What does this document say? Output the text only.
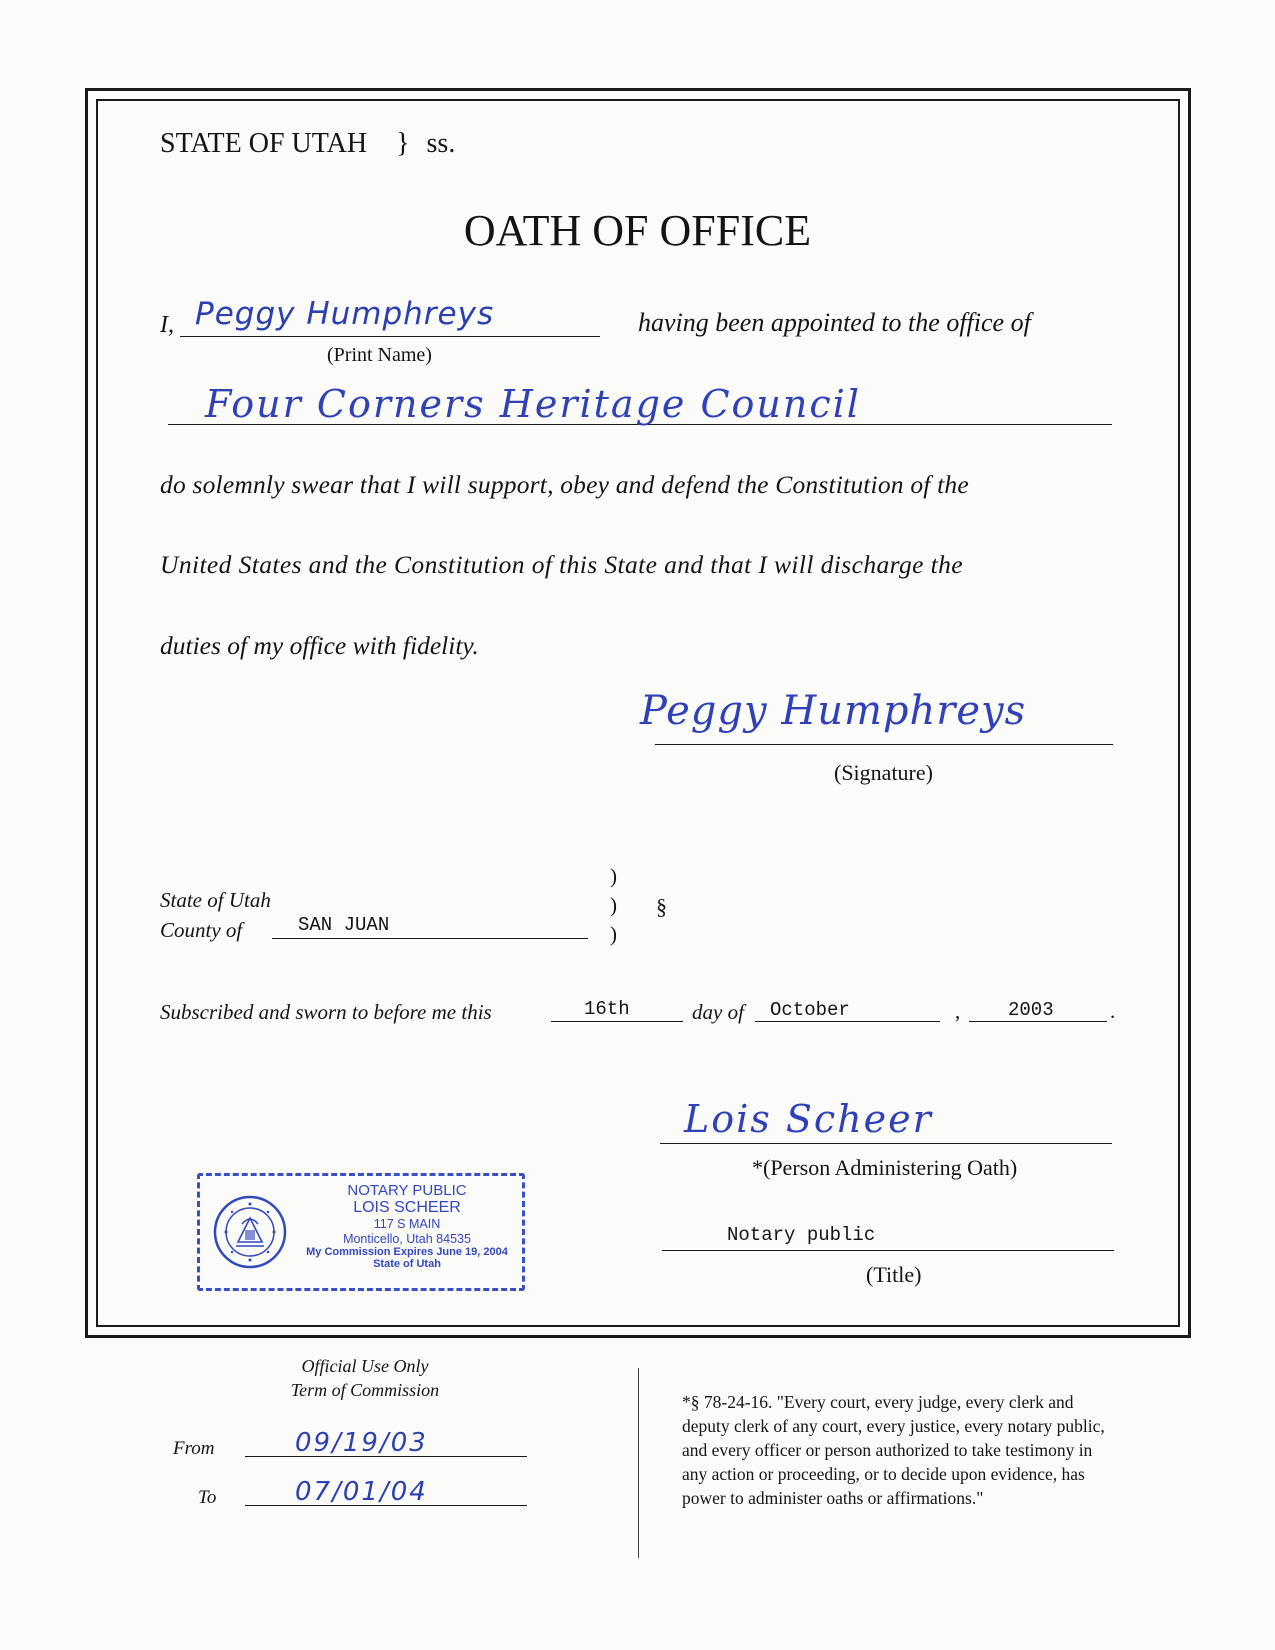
STATE OF UTAH } ss.
OATH OF OFFICE
I, Peggy Humphreys
(Print Name)
having been appointed to the office of
Four Corners Heritage Council
do solemnly swear that I will support, obey and defend the Constitution of the
United States and the Constitution of this State and that I will discharge the
duties of my office with fidelity.
Peggy Humphreys
(Signature)
State of Utah
County of	SAN JUAN
)
)
)
§
Subscribed and sworn to before me this	16th	day of October	,	2003	.
Lois Scheer
*(Person Administering Oath)
Notary public
(Title)
NOTARY PUBLIC
LOIS SCHEER
117 S MAIN
Monticello, Utah 84535
My Commission Expires June 19, 2004
State of Utah
Official Use Only
Term of Commission
From	09/19/03
To	07/01/04
*§ 78-24-16. "Every court, every judge, every clerk and
deputy clerk of any court, every justice, every notary public,
and every officer or person authorized to take testimony in
any action or proceeding, or to decide upon evidence, has
power to administer oaths or affirmations."
